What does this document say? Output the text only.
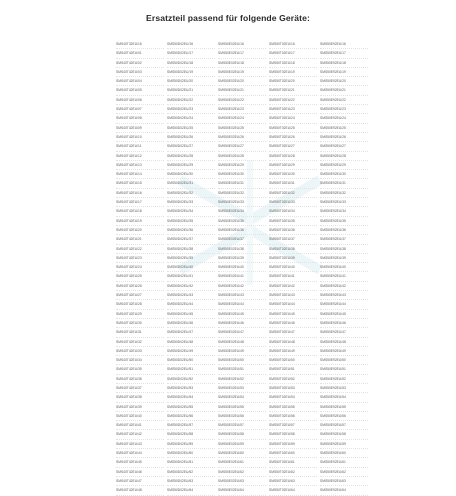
Ersatzteil passend für folgende Geräte:
SMS40T32EU/16
SMS40T42EU/01
SMS40T42EU/02
SMS40T42EU/03
SMS40T42EU/04
SMS40T42EU/05
SMS40T42EU/06
SMS40T42EU/07
SMS40T42EU/08
SMS40T42EU/09
SMS40T42EU/10
SMS40T42EU/11
SMS40T42EU/12
SMS40T42EU/13
SMS40T42EU/14
SMS40T42EU/15
SMS40T42EU/16
SMS40T42EU/17
SMS40T42EU/18
SMS40T42EU/19
SMS40T42EU/20
SMS40T42EU/21
SMS40T42EU/22
SMS40T42EU/23
SMS40T42EU/24
SMS40T42EU/25
SMS40T42EU/26
SMS40T42EU/27
SMS40T42EU/28
SMS40T42EU/29
SMS40T42EU/30
SMS40T42EU/31
SMS40T42EU/32
SMS40T42EU/33
SMS40T42EU/34
SMS40T42EU/35
SMS40T42EU/36
SMS40T42EU/37
SMS40T42EU/38
SMS40T42EU/39
SMS40T42EU/40
SMS40T42EU/41
SMS40T42EU/42
SMS40T42EU/43
SMS40T42EU/44
SMS40T42EU/45
SMS40T42EU/46
SMS40T42EU/47
SMS40T42EU/48
SMS50D02EU/16
SMS50D02EU/17
SMS50D02EU/18
SMS50D02EU/19
SMS50D02EU/20
SMS50D02EU/21
SMS50D02EU/22
SMS50D02EU/23
SMS50D02EU/24
SMS50D02EU/25
SMS50D02EU/26
SMS50D02EU/27
SMS50D02EU/28
SMS50D02EU/29
SMS50D02EU/30
SMS50D02EU/31
SMS50D02EU/32
SMS50D02EU/33
SMS50D02EU/34
SMS50D02EU/35
SMS50D02EU/36
SMS50D02EU/37
SMS50D02EU/38
SMS50D02EU/39
SMS50D02EU/40
SMS50D02EU/41
SMS50D02EU/42
SMS50D02EU/43
SMS50D02EU/44
SMS50D02EU/45
SMS50D02EU/46
SMS50D02EU/47
SMS50D02EU/48
SMS50D02EU/49
SMS50D02EU/50
SMS50D02EU/51
SMS50D02EU/52
SMS50D02EU/53
SMS50D02EU/54
SMS50D02EU/55
SMS50D02EU/56
SMS50D02EU/57
SMS50D02EU/58
SMS50D02EU/59
SMS50D02EU/60
SMS50D02EU/61
SMS50D02EU/62
SMS50D02EU/63
SMS50D02EU/64
SMS50E02EU/16
SMS50E02EU/17
SMS50E02EU/18
SMS50E02EU/19
SMS50E02EU/20
SMS50E02EU/21
SMS50E02EU/22
SMS50E02EU/23
SMS50E02EU/24
SMS50E02EU/25
SMS50E02EU/26
SMS50E02EU/27
SMS50E02EU/28
SMS50E02EU/29
SMS50E02EU/30
SMS50E02EU/31
SMS50E02EU/32
SMS50E02EU/33
SMS50E02EU/34
SMS50E02EU/35
SMS50E02EU/36
SMS50E02EU/37
SMS50E02EU/38
SMS50E02EU/39
SMS50E02EU/40
SMS50E02EU/41
SMS50E02EU/42
SMS50E02EU/43
SMS50E02EU/44
SMS50E02EU/45
SMS50E02EU/46
SMS50E02EU/47
SMS50E02EU/48
SMS50E02EU/49
SMS50E02EU/50
SMS50E02EU/51
SMS50E02EU/52
SMS50E02EU/53
SMS50E02EU/54
SMS50E02EU/55
SMS50E02EU/56
SMS50E02EU/57
SMS50E02EU/58
SMS50E02EU/59
SMS50E02EU/60
SMS50E02EU/61
SMS50E02EU/62
SMS50E02EU/63
SMS50E02EU/64
SMS50T02EU/16
SMS50T02EU/17
SMS50T02EU/18
SMS50T02EU/19
SMS50T02EU/20
SMS50T02EU/21
SMS50T02EU/22
SMS50T02EU/23
SMS50T02EU/24
SMS50T02EU/25
SMS50T02EU/26
SMS50T02EU/27
SMS50T02EU/28
SMS50T02EU/29
SMS50T02EU/30
SMS50T02EU/31
SMS50T02EU/32
SMS50T02EU/33
SMS50T02EU/34
SMS50T02EU/35
SMS50T02EU/36
SMS50T02EU/37
SMS50T02EU/38
SMS50T02EU/39
SMS50T02EU/40
SMS50T02EU/41
SMS50T02EU/42
SMS50T02EU/43
SMS50T02EU/44
SMS50T02EU/45
SMS50T02EU/46
SMS50T02EU/47
SMS50T02EU/48
SMS50T02EU/49
SMS50T02EU/50
SMS50T02EU/51
SMS50T02EU/52
SMS50T02EU/53
SMS50T02EU/54
SMS50T02EU/55
SMS50T02EU/56
SMS50T02EU/57
SMS50T02EU/58
SMS50T02EU/59
SMS50T02EU/60
SMS50T02EU/61
SMS50T02EU/62
SMS50T02EU/63
SMS50T02EU/64
SMS50E92EU/16
SMS50E92EU/17
SMS50E92EU/18
SMS50E92EU/19
SMS50E92EU/20
SMS50E92EU/21
SMS50E92EU/22
SMS50E92EU/23
SMS50E92EU/24
SMS50E92EU/25
SMS50E92EU/26
SMS50E92EU/27
SMS50E92EU/28
SMS50E92EU/29
SMS50E92EU/30
SMS50E92EU/31
SMS50E92EU/32
SMS50E92EU/33
SMS50E92EU/34
SMS50E92EU/35
SMS50E92EU/36
SMS50E92EU/37
SMS50E92EU/38
SMS50E92EU/39
SMS50E92EU/40
SMS50E92EU/41
SMS50E92EU/42
SMS50E92EU/43
SMS50E92EU/44
SMS50E92EU/45
SMS50E92EU/46
SMS50E92EU/47
SMS50E92EU/48
SMS50E92EU/49
SMS50E92EU/50
SMS50E92EU/51
SMS50E92EU/52
SMS50E92EU/53
SMS50E92EU/54
SMS50E92EU/55
SMS50E92EU/56
SMS50E92EU/57
SMS50E92EU/58
SMS50E92EU/59
SMS50E92EU/60
SMS50E92EU/61
SMS50E92EU/62
SMS50E92EU/63
SMS50E92EU/64
